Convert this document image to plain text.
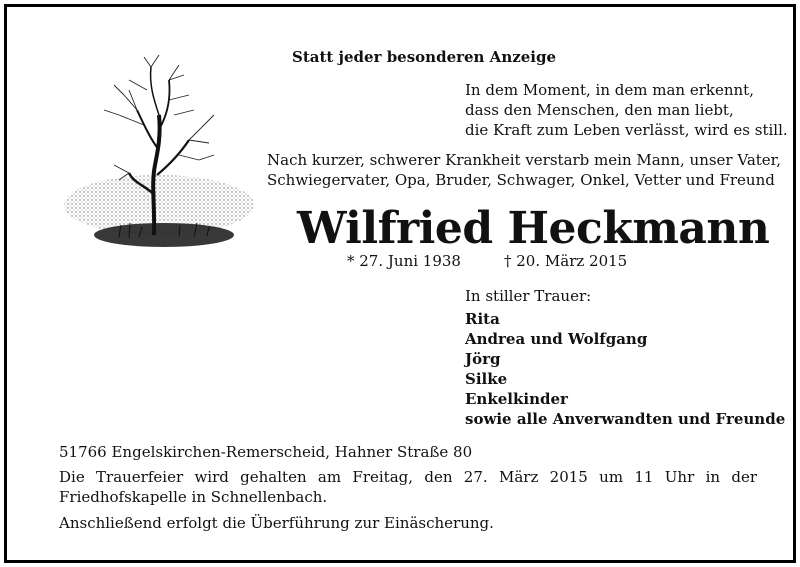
Statt jeder besonderen Anzeige
In dem Moment, in dem man erkennt,
dass den Menschen, den man liebt,
die Kraft zum Leben verlässt, wird es still.
Nach kurzer, schwerer Krankheit verstarb mein Mann, unser Vater,
Schwiegervater, Opa, Bruder, Schwager, Onkel, Vetter und Freund
Wilfried Heckmann
* 27. Juni 1938	† 20. März 2015
In stiller Trauer:
Rita
Andrea und Wolfgang
Jörg
Silke
Enkelkinder
sowie alle Anverwandten und Freunde
51766 Engelskirchen-Remerscheid, Hahner Straße 80
Die Trauerfeier wird gehalten am Freitag, den 27. März 2015 um 11 Uhr in der Friedhofskapelle in Schnellenbach.
Anschließend erfolgt die Überführung zur Einäscherung.
